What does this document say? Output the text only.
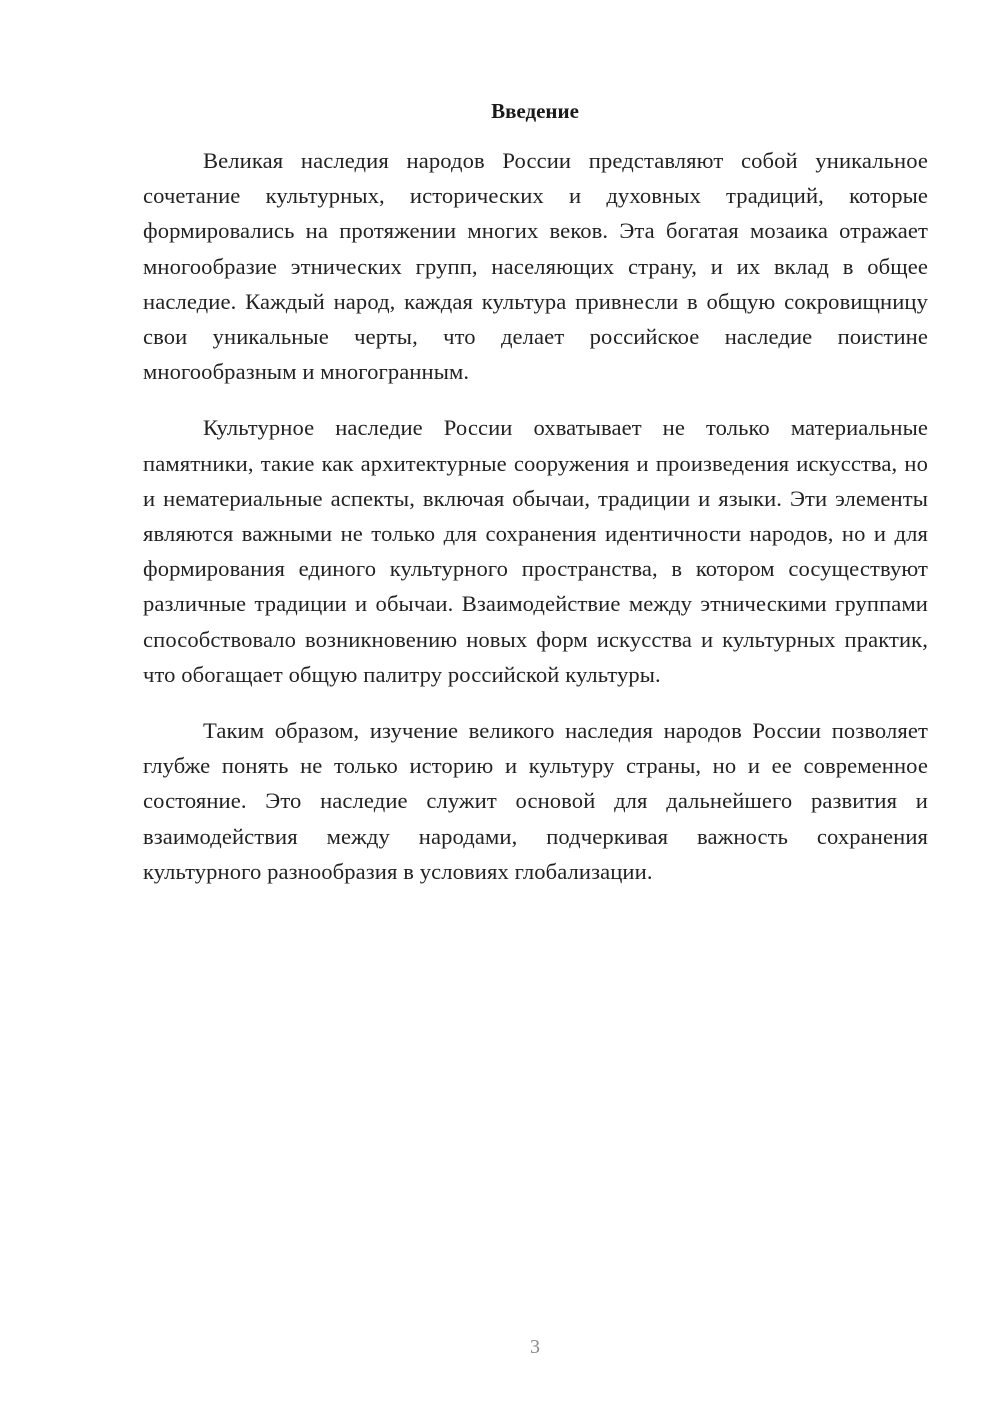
Введение

Великая наследия народов России представляют собой уникальное сочетание культурных, исторических и духовных традиций, которые формировались на протяжении многих веков. Эта богатая мозаика отражает многообразие этнических групп, населяющих страну, и их вклад в общее наследие. Каждый народ, каждая культура привнесли в общую сокровищницу свои уникальные черты, что делает российское наследие поистине многообразным и многогранным.

Культурное наследие России охватывает не только материальные памятники, такие как архитектурные сооружения и произведения искусства, но и нематериальные аспекты, включая обычаи, традиции и языки. Эти элементы являются важными не только для сохранения идентичности народов, но и для формирования единого культурного пространства, в котором сосуществуют различные традиции и обычаи. Взаимодействие между этническими группами способствовало возникновению новых форм искусства и культурных практик, что обогащает общую палитру российской культуры.

Таким образом, изучение великого наследия народов России позволяет глубже понять не только историю и культуру страны, но и ее современное состояние. Это наследие служит основой для дальнейшего развития и взаимодействия между народами, подчеркивая важность сохранения культурного разнообразия в условиях глобализации.

3
